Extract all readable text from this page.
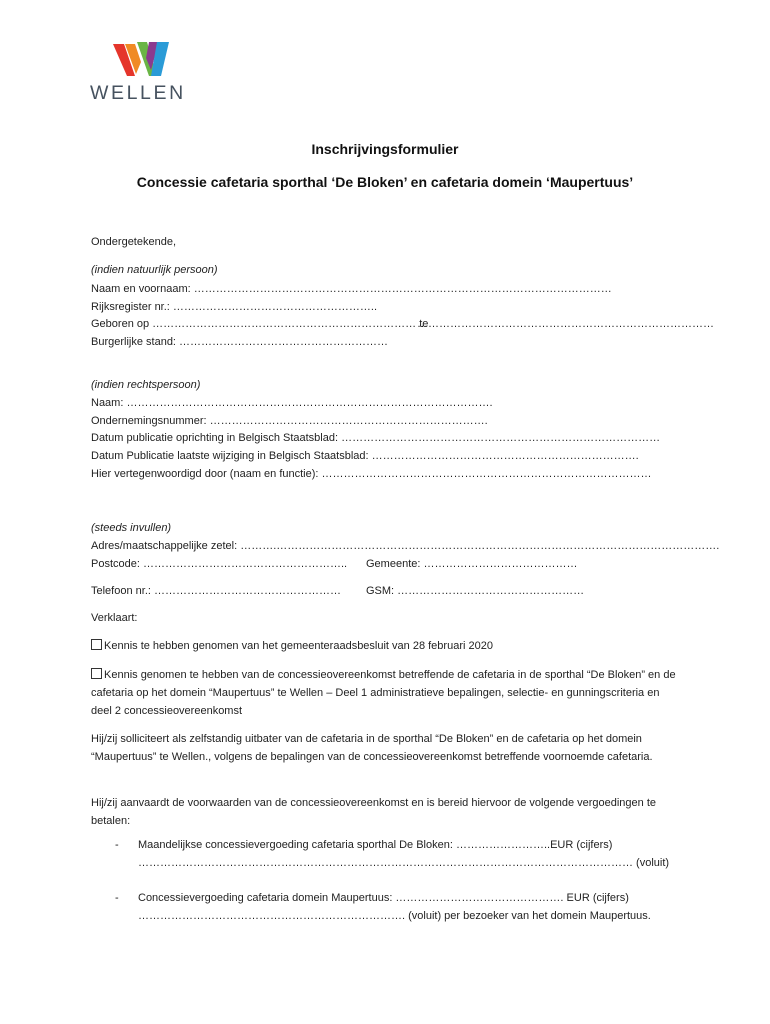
WELLEN
Inschrijvingsformulier
Concessie cafetaria sporthal ‘De Bloken’ en cafetaria domein ‘Maupertuus’
Ondergetekende,
(indien natuurlijk persoon)
Naam en voornaam: ……………………………………………………………………………………………………
Rijksregister nr.: ………………………………………………..
Geboren op ……………………………………………………………… te
………………………………………………………………………
Burgerlijke stand: …………………………………………………
(indien rechtspersoon)
Naam: ……………………………………………………………………………………….
Ondernemingsnummer: ………………………………………………………………….
Datum publicatie oprichting in Belgisch Staatsblad: ……………………………………………………………………………
Datum Publicatie laatste wijziging in Belgisch Staatsblad: ……………………………………………………………….
Hier vertegenwoordigd door (naam en functie): ………………………………………………………………………………
(steeds invullen)
Adres/maatschappelijke zetel: ……….………………………………………………………………………………………………………….
Postcode: ……………………………………………….. Gemeente: ……………………………………
Telefoon nr.: …………………………………………… GSM: ……………………………………………
Verklaart:
Kennis te hebben genomen van het gemeenteraadsbesluit van 28 februari 2020
Kennis genomen te hebben van de concessieovereenkomst betreffende de cafetaria in de sporthal “De Bloken” en de cafetaria op het domein “Maupertuus” te Wellen – Deel 1 administratieve bepalingen, selectie- en gunningscriteria en deel 2 concessieovereenkomst
Hij/zij solliciteert als zelfstandig uitbater van de cafetaria in de sporthal “De Bloken” en de cafetaria op het domein “Maupertuus” te Wellen., volgens de bepalingen van de concessieovereenkomst betreffende voornoemde cafetaria.
Hij/zij aanvaardt de voorwaarden van de concessieovereenkomst en is bereid hiervoor de volgende vergoedingen te betalen:
- Maandelijkse concessievergoeding cafetaria sporthal De Bloken: ……………………..EUR (cijfers)
……………………………………………………………………………………………………………………… (voluit)
- Concessievergoeding cafetaria domein Maupertuus: ………………………………………. EUR (cijfers)
………………………………………………………………. (voluit) per bezoeker van het domein Maupertuus.
